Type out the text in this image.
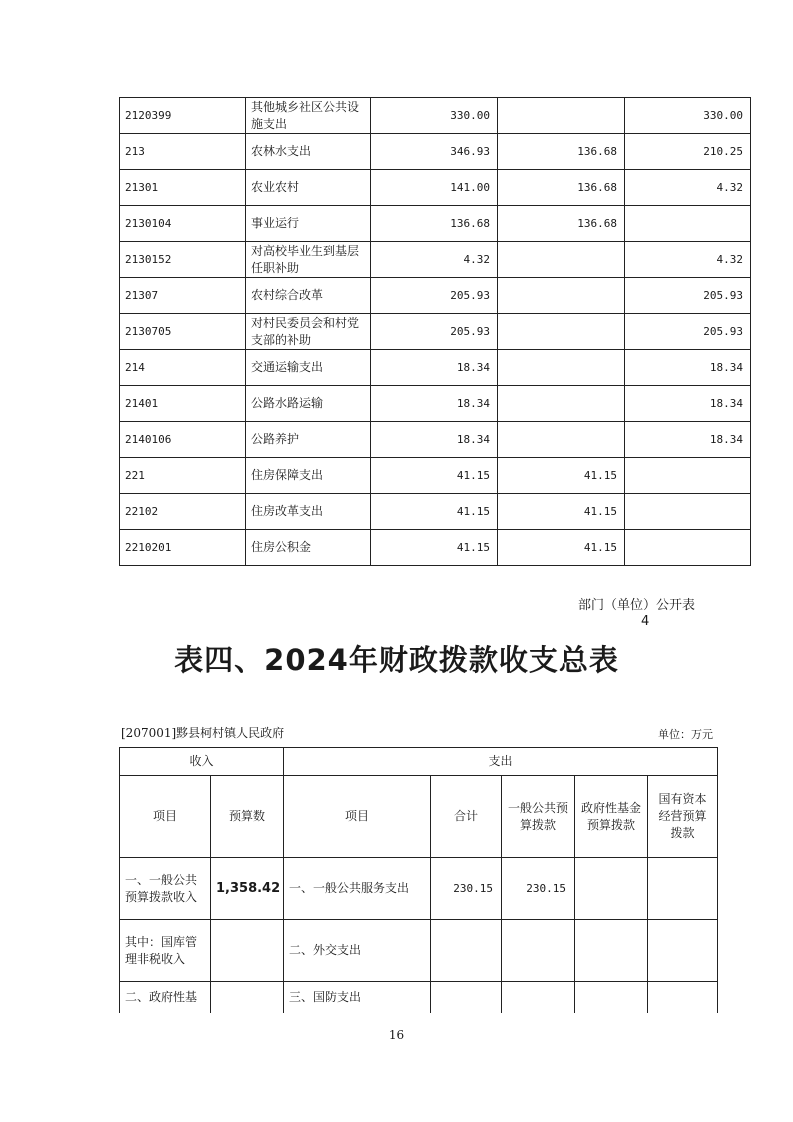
2120399	其他城乡社区公共设施支出	330.00		330.00
213	农林水支出	346.93	136.68	210.25
21301	农业农村	141.00	136.68	4.32
2130104	事业运行	136.68	136.68	
2130152	对高校毕业生到基层任职补助	4.32		4.32
21307	农村综合改革	205.93		205.93
2130705	对村民委员会和村党支部的补助	205.93		205.93
214	交通运输支出	18.34		18.34
21401	公路水路运输	18.34		18.34
2140106	公路养护	18.34		18.34
221	住房保障支出	41.15	41.15	
22102	住房改革支出	41.15	41.15	
2210201	住房公积金	41.15	41.15	
部门（单位）公开表
4
表四、2024年财政拨款收支总表
[207001]黟县柯村镇人民政府	单位：万元
收入		支出				
项目	预算数	项目	合计	一般公共预算拨款	政府性基金预算拨款	国有资本经营预算拨款
一、一般公共预算拨款收入	1,358.42	一、一般公共服务支出	230.15	230.15		
其中：国库管理非税收入		二、外交支出				
二、政府性基		三、国防支出				
16
